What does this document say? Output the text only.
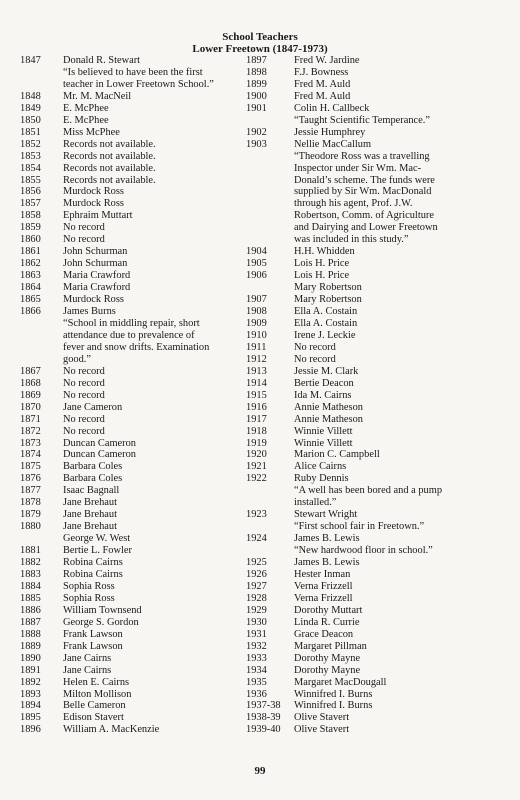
School Teachers
Lower Freetown (1847-1973)
1847	Donald R. Stewart
“Is believed to have been the first
teacher in Lower Freetown School.”
1848	Mr. M. MacNeil
1849	E. McPhee
1850	E. McPhee
1851	Miss McPhee
1852	Records not available.
1853	Records not available.
1854	Records not available.
1855	Records not available.
1856	Murdock Ross
1857	Murdock Ross
1858	Ephraim Muttart
1859	No record
1860	No record
1861	John Schurman
1862	John Schurman
1863	Maria Crawford
1864	Maria Crawford
1865	Murdock Ross
1866	James Burns
“School in middling repair, short
attendance due to prevalence of
fever and snow drifts. Examination
good.”
1867	No record
1868	No record
1869	No record
1870	Jane Cameron
1871	No record
1872	No record
1873	Duncan Cameron
1874	Duncan Cameron
1875	Barbara Coles
1876	Barbara Coles
1877	Isaac Bagnall
1878	Jane Brehaut
1879	Jane Brehaut
1880	Jane Brehaut
George W. West
1881	Bertie L. Fowler
1882	Robina Cairns
1883	Robina Cairns
1884	Sophia Ross
1885	Sophia Ross
1886	William Townsend
1887	George S. Gordon
1888	Frank Lawson
1889	Frank Lawson
1890	Jane Cairns
1891	Jane Cairns
1892	Helen E. Cairns
1893	Milton Mollison
1894	Belle Cameron
1895	Edison Stavert
1896	William A. MacKenzie
1897	Fred W. Jardine
1898	F.J. Bowness
1899	Fred M. Auld
1900	Fred M. Auld
1901	Colin H. Callbeck
“Taught Scientific Temperance.”
1902	Jessie Humphrey
1903	Nellie MacCallum
“Theodore Ross was a travelling
Inspector under Sir Wm. Mac-
Donald’s scheme. The funds were
supplied by Sir Wm. MacDonald
through his agent, Prof. J.W.
Robertson, Comm. of Agriculture
and Dairying and Lower Freetown
was included in this study.”
1904	H.H. Whidden
1905	Lois H. Price
1906	Lois H. Price
Mary Robertson
1907	Mary Robertson
1908	Ella A. Costain
1909	Ella A. Costain
1910	Irene J. Leckie
1911	No record
1912	No record
1913	Jessie M. Clark
1914	Bertie Deacon
1915	Ida M. Cairns
1916	Annie Matheson
1917	Annie Matheson
1918	Winnie Villett
1919	Winnie Villett
1920	Marion C. Campbell
1921	Alice Cairns
1922	Ruby Dennis
“A well has been bored and a pump
installed.”
1923	Stewart Wright
“First school fair in Freetown.”
1924	James B. Lewis
“New hardwood floor in school.”
1925	James B. Lewis
1926	Hester Inman
1927	Verna Frizzell
1928	Verna Frizzell
1929	Dorothy Muttart
1930	Linda R. Currie
1931	Grace Deacon
1932	Margaret Pillman
1933	Dorothy Mayne
1934	Dorothy Mayne
1935	Margaret MacDougall
1936	Winnifred I. Burns
1937-38	Winnifred I. Burns
1938-39	Olive Stavert
1939-40	Olive Stavert
99
